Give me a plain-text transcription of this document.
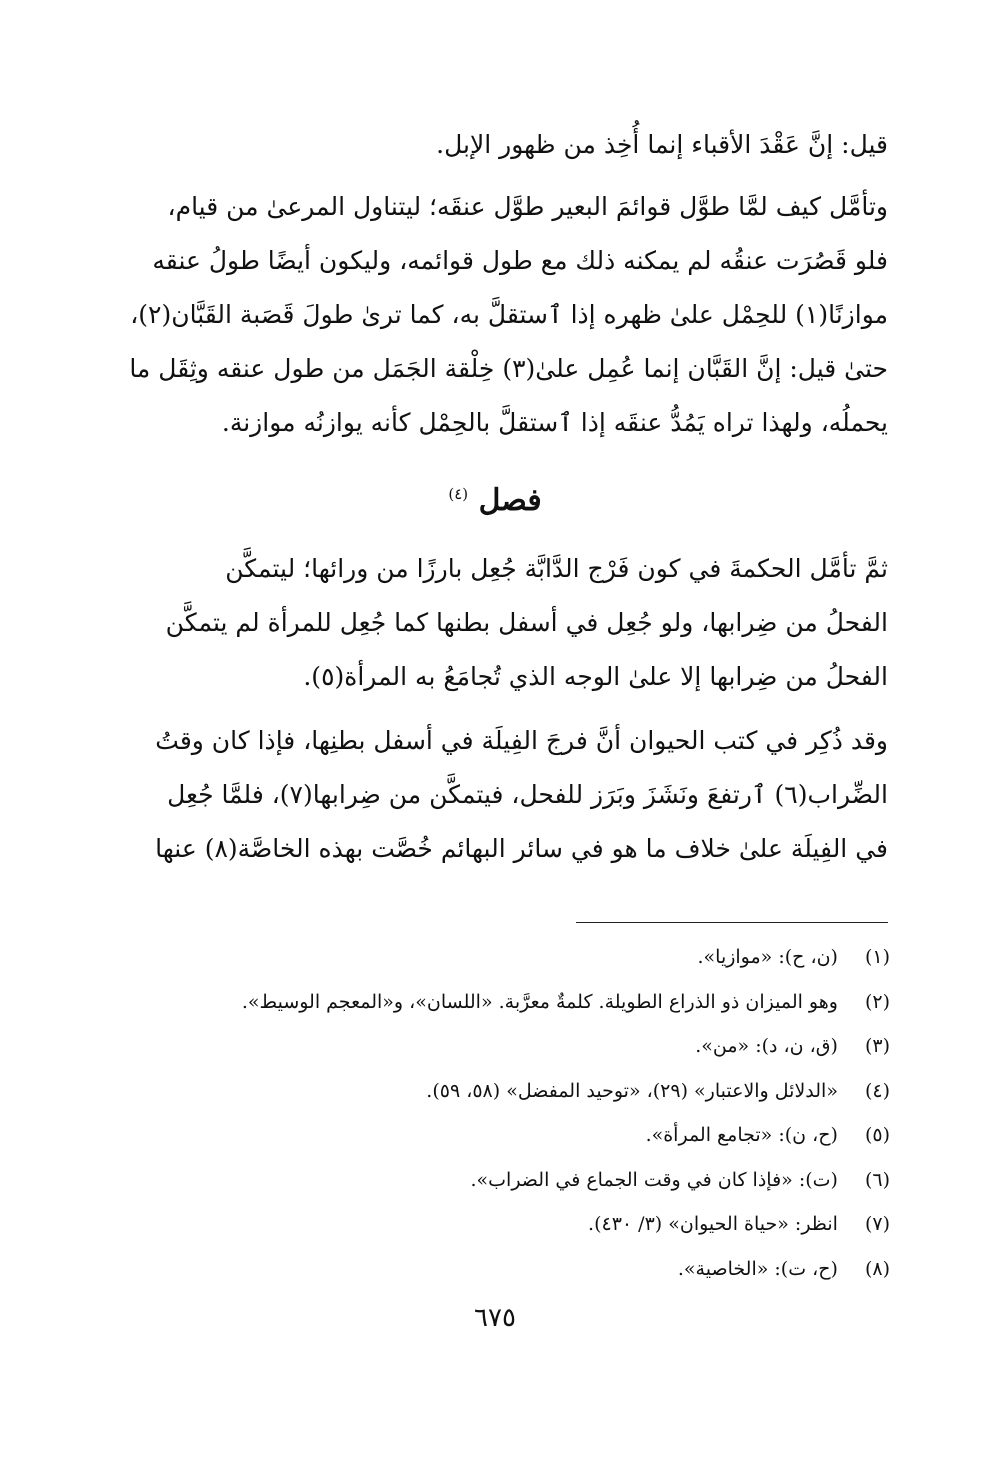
قيل: إنَّ عَقْدَ الأقباء إنما أُخِذ من ظهور الإبل.
وتأمَّل كيف لمَّا طوَّل قوائمَ البعير طوَّل عنقَه؛ ليتناول المرعىٰ من قيام،
فلو قَصُرَت عنقُه لم يمكنه ذلك مع طول قوائمه، وليكون أيضًا طولُ عنقه
موازنًا(١) للحِمْل علىٰ ظهره إذا ٱستقلَّ به، كما ترىٰ طولَ قَصَبة القَبَّان(٢)،
حتىٰ قيل: إنَّ القَبَّان إنما عُمِل علىٰ(٣) خِلْقة الجَمَل من طول عنقه وثِقَل ما
يحملُه، ولهذا تراه يَمُدُّ عنقَه إذا ٱستقلَّ بالحِمْل كأنه يوازنُه موازنة.
فصل $^{(٤)}$
ثمَّ تأمَّل الحكمةَ في كون فَرْج الدَّابَّة جُعِل بارزًا من ورائها؛ ليتمكَّن
الفحلُ من ضِرابها، ولو جُعِل في أسفل بطنها كما جُعِل للمرأة لم يتمكَّن
الفحلُ من ضِرابها إلا علىٰ الوجه الذي تُجامَعُ به المرأة(٥).
وقد ذُكِر في كتب الحيوان أنَّ فرجَ الفِيلَة في أسفل بطنِها، فإذا كان وقتُ
الضِّراب(٦) ٱرتفعَ ونَشَزَ وبَرَز للفحل، فيتمكَّن من ضِرابها(٧)، فلمَّا جُعِل
في الفِيلَة علىٰ خلاف ما هو في سائر البهائم خُصَّت بهذه الخاصَّة(٨) عنها
(١) (ن، ح): «موازيا».
(٢) وهو الميزان ذو الذراع الطويلة. كلمةٌ معرَّبة. «اللسان»، و«المعجم الوسيط».
(٣) (ق، ن، د): «من».
(٤) «الدلائل والاعتبار» (٢٩)، «توحيد المفضل» (٥٨، ٥٩).
(٥) (ح، ن): «تجامع المرأة».
(٦) (ت): «فإذا كان في وقت الجماع في الضراب».
(٧) انظر: «حياة الحيوان» (٣/ ٤٣٠).
(٨) (ح، ت): «الخاصية».
٦٧٥
